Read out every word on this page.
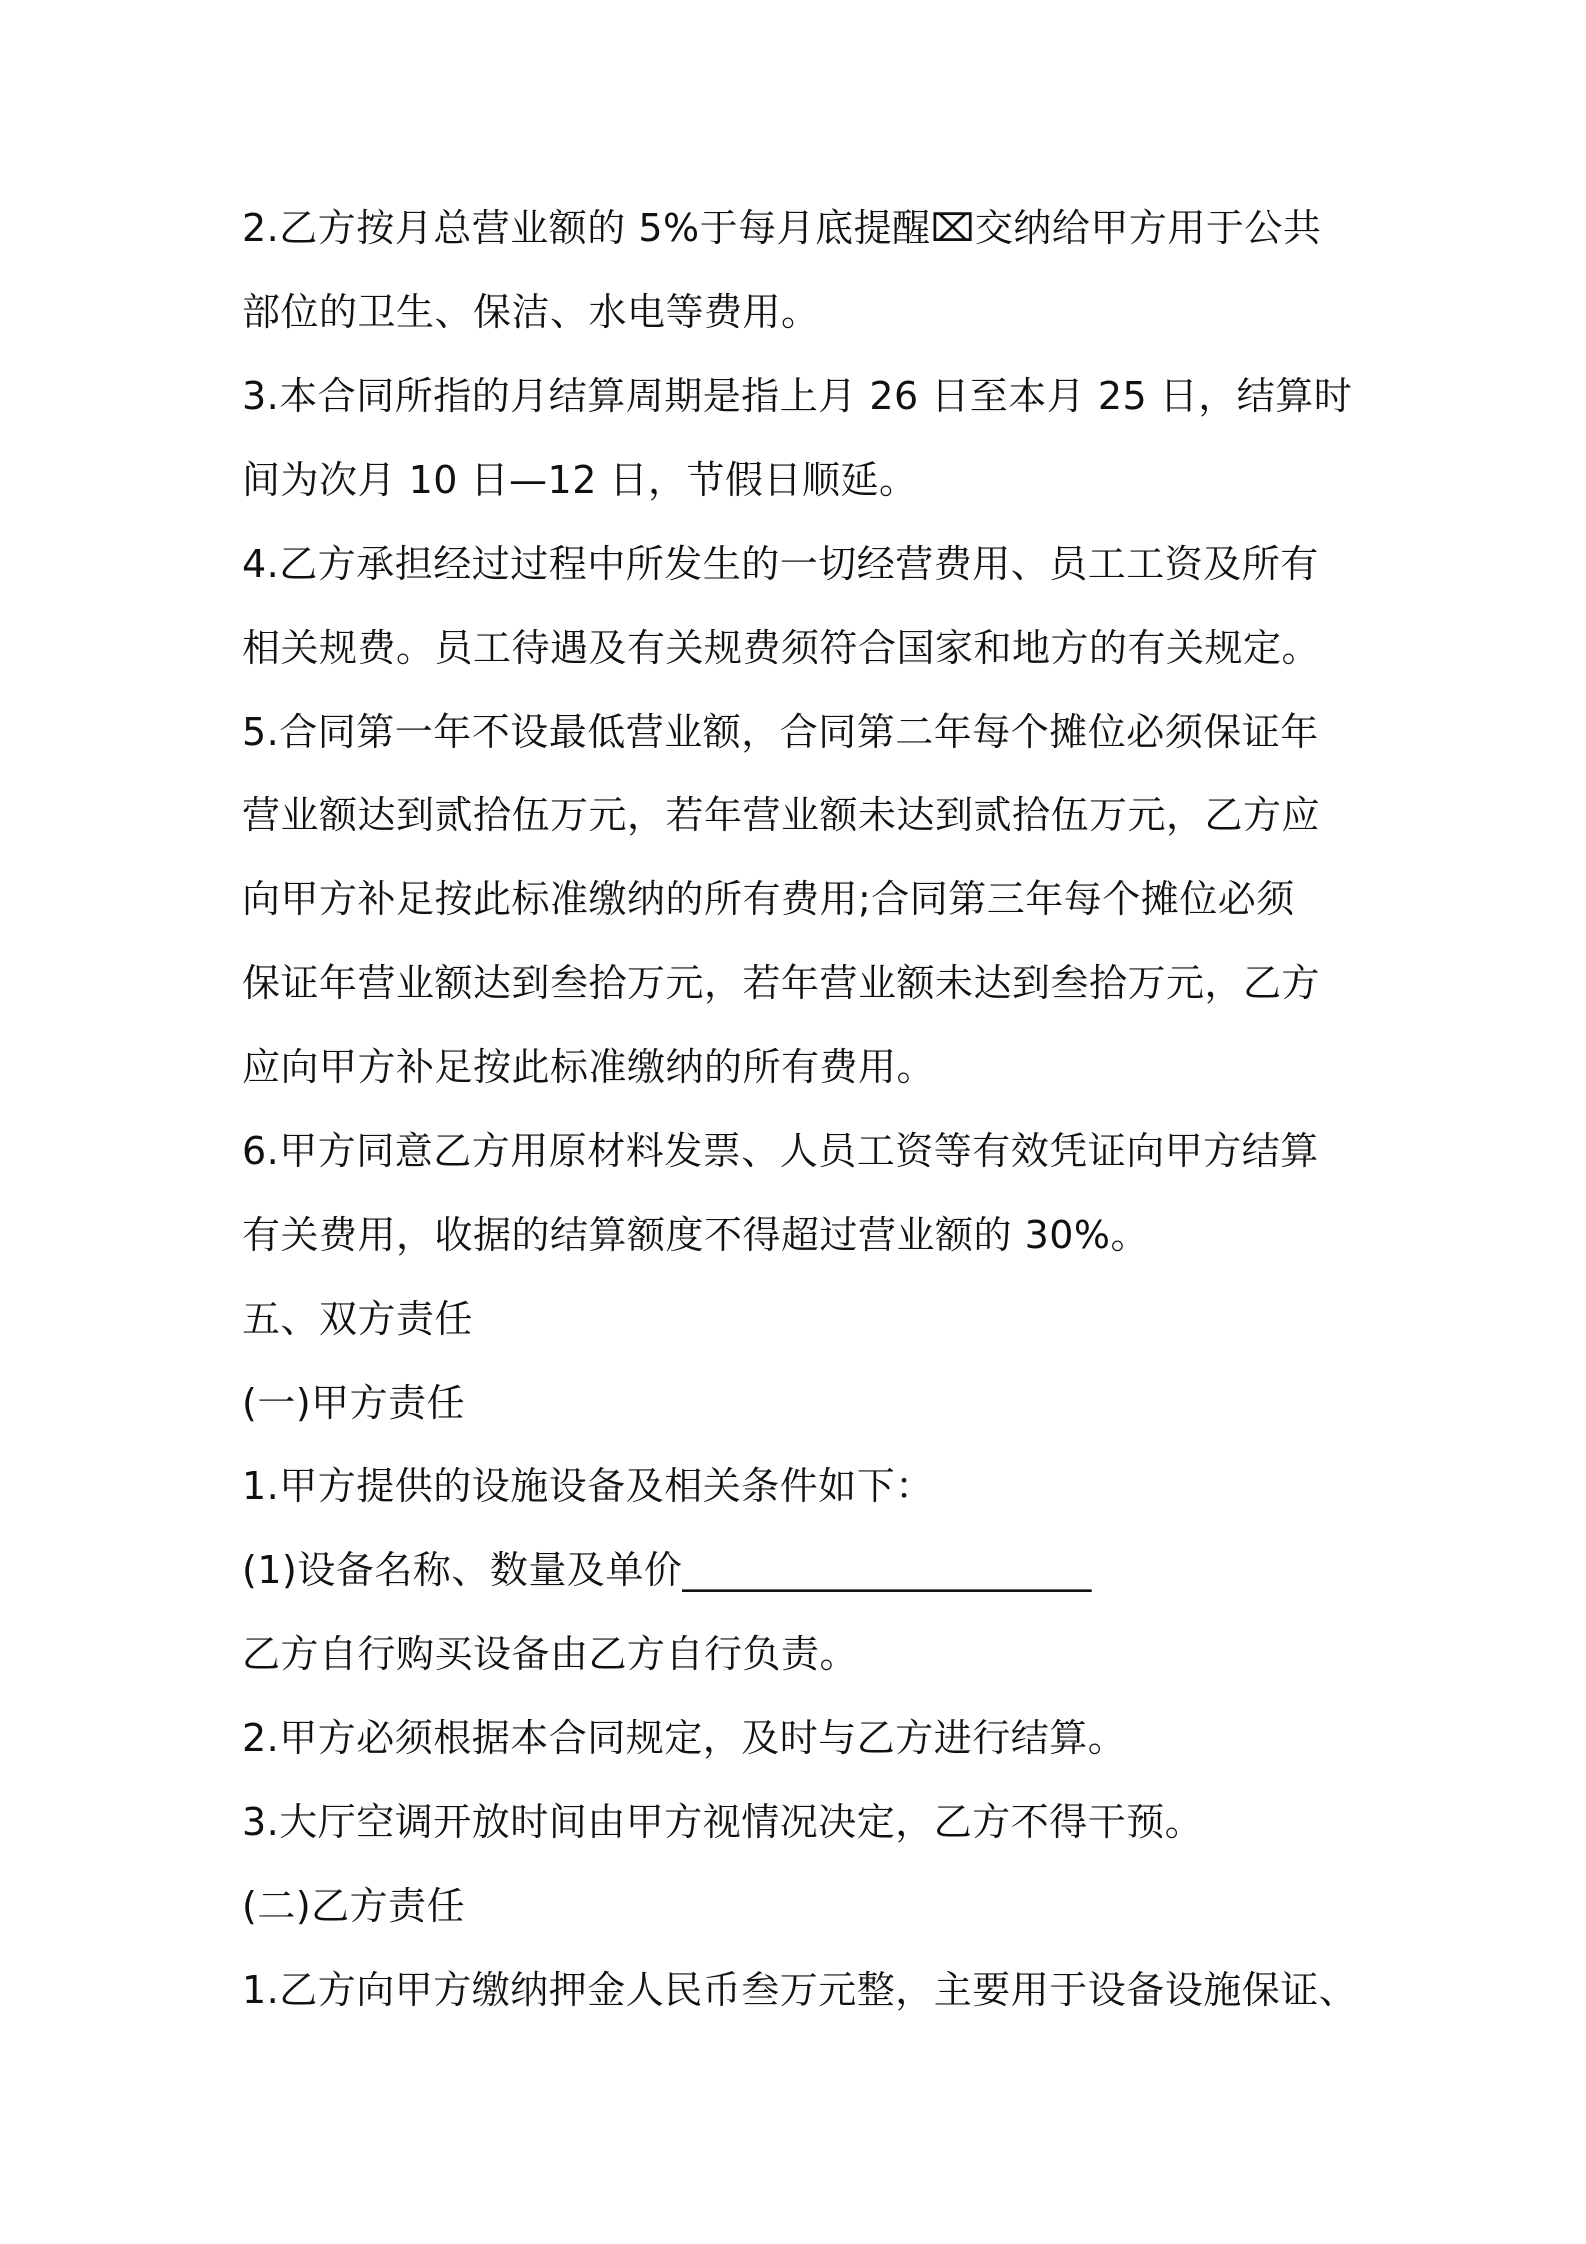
2.乙方按月总营业额的 5%于每月底提醒⌧交纳给甲方用于公共

部位的卫生、保洁、水电等费用。

3.本合同所指的月结算周期是指上月 26 日至本月 25 日，结算时

间为次月 10 日—12 日，节假日顺延。

4.乙方承担经过过程中所发生的一切经营费用、员工工资及所有

相关规费。员工待遇及有关规费须符合国家和地方的有关规定。

5.合同第一年不设最低营业额，合同第二年每个摊位必须保证年

营业额达到贰拾伍万元，若年营业额未达到贰拾伍万元，乙方应

向甲方补足按此标准缴纳的所有费用;合同第三年每个摊位必须

保证年营业额达到叁拾万元，若年营业额未达到叁拾万元，乙方

应向甲方补足按此标准缴纳的所有费用。

6.甲方同意乙方用原材料发票、人员工资等有效凭证向甲方结算

有关费用，收据的结算额度不得超过营业额的 30%。

五、双方责任

(一)甲方责任

1.甲方提供的设施设备及相关条件如下：

(1)设备名称、数量及单价_____________________

乙方自行购买设备由乙方自行负责。

2.甲方必须根据本合同规定，及时与乙方进行结算。

3.大厅空调开放时间由甲方视情况决定，乙方不得干预。

(二)乙方责任

1.乙方向甲方缴纳押金人民币叁万元整，主要用于设备设施保证、
